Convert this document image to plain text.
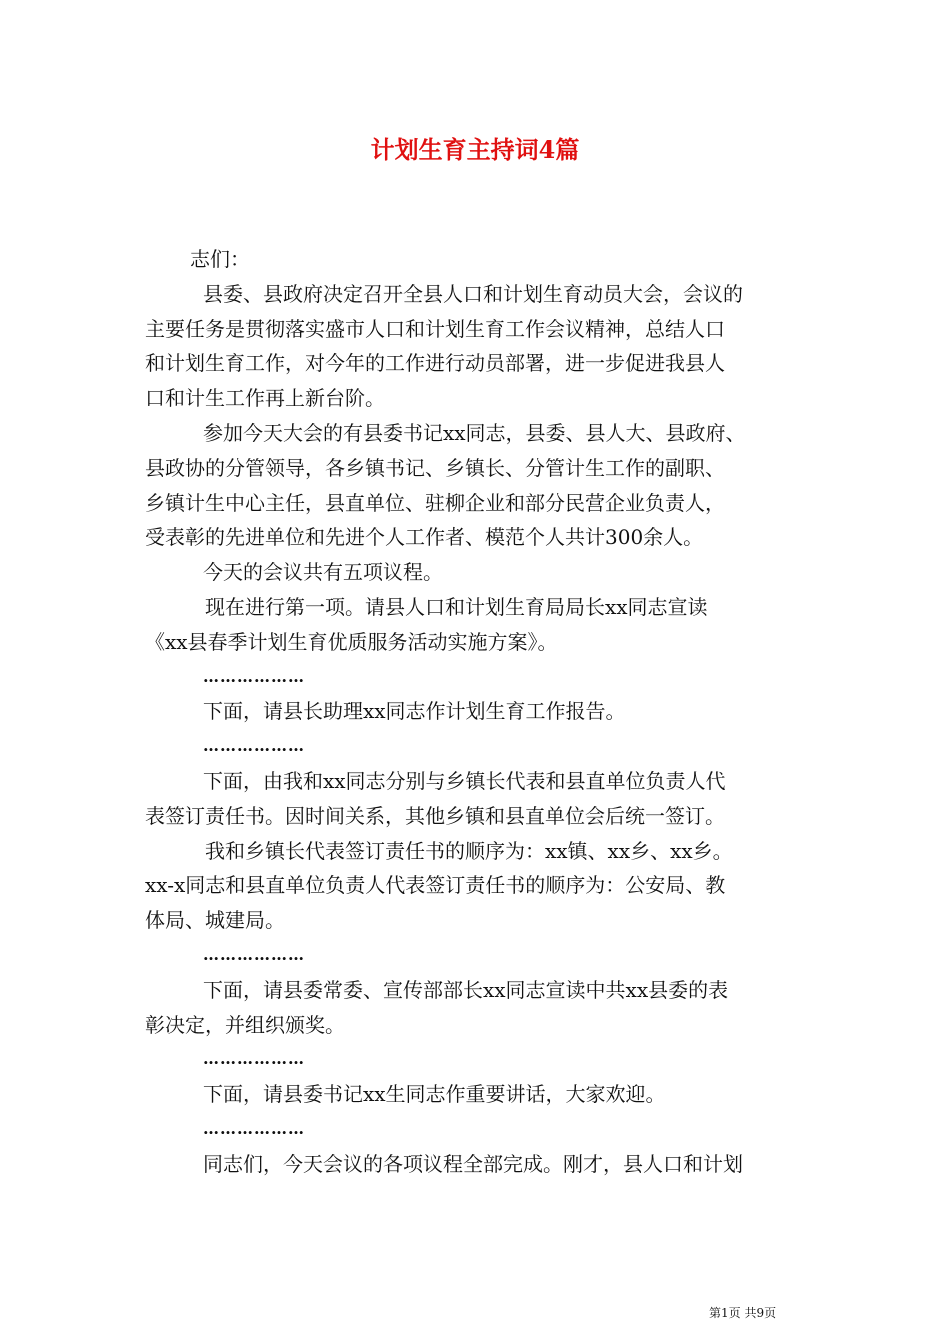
计划生育主持词4篇
志们：
县委、县政府决定召开全县人口和计划生育动员大会，会议的
主要任务是贯彻落实盛市人口和计划生育工作会议精神，总结人口
和计划生育工作，对今年的工作进行动员部署，进一步促进我县人
口和计生工作再上新台阶。
参加今天大会的有县委书记xx同志，县委、县人大、县政府、
县政协的分管领导，各乡镇书记、乡镇长、分管计生工作的副职、
乡镇计生中心主任，县直单位、驻柳企业和部分民营企业负责人，
受表彰的先进单位和先进个人工作者、模范个人共计300余人。
今天的会议共有五项议程。
现在进行第一项。请县人口和计划生育局局长xx同志宣读
《xx县春季计划生育优质服务活动实施方案》。
………………
下面，请县长助理xx同志作计划生育工作报告。
………………
下面，由我和xx同志分别与乡镇长代表和县直单位负责人代
表签订责任书。因时间关系，其他乡镇和县直单位会后统一签订。
我和乡镇长代表签订责任书的顺序为：xx镇、xx乡、xx乡。
xx-x同志和县直单位负责人代表签订责任书的顺序为：公安局、教
体局、城建局。
………………
下面，请县委常委、宣传部部长xx同志宣读中共xx县委的表
彰决定，并组织颁奖。
………………
下面，请县委书记xx生同志作重要讲话，大家欢迎。
………………
同志们，今天会议的各项议程全部完成。刚才，县人口和计划
第1页 共9页
